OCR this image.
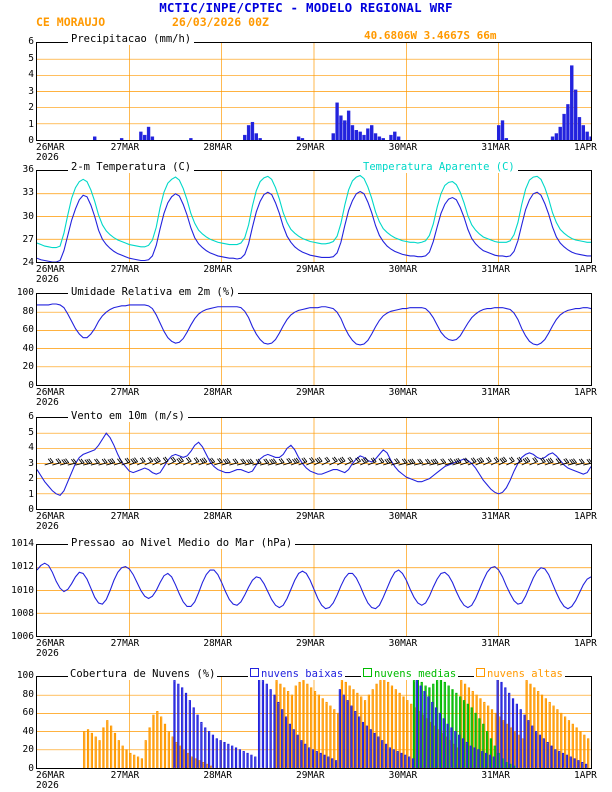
MCTIC/INPE/CPTEC - MODELO REGIONAL WRF
CE MORAUJO	26/03/2026 00Z
40.6806W 3.4667S 66m
Precipitacao (mm/h)
2-m Temperatura (C)	Temperatura Aparente (C)
Umidade Relativa em 2m (%)
Vento em 10m (m/s)
Pressao ao Nivel Medio do Mar (hPa)
Cobertura de Nuvens (%)	nuvens baixas	nuvens medias	nuvens altas
0
1
2
3
4
5
6
26MAR	27MAR	28MAR	29MAR	30MAR	31MAR	1APR
2026
24
27
30
33
36
26MAR	27MAR	28MAR	29MAR	30MAR	31MAR	1APR
2026
0
20
40
60
80
100
26MAR	27MAR	28MAR	29MAR	30MAR	31MAR	1APR
2026
0
1
2
3
4
5
6
26MAR	27MAR	28MAR	29MAR	30MAR	31MAR	1APR
2026
1006
1008
1010
1012
1014
26MAR	27MAR	28MAR	29MAR	30MAR	31MAR	1APR
2026
0
20
40
60
80
100
26MAR	27MAR	28MAR	29MAR	30MAR	31MAR	1APR
2026
